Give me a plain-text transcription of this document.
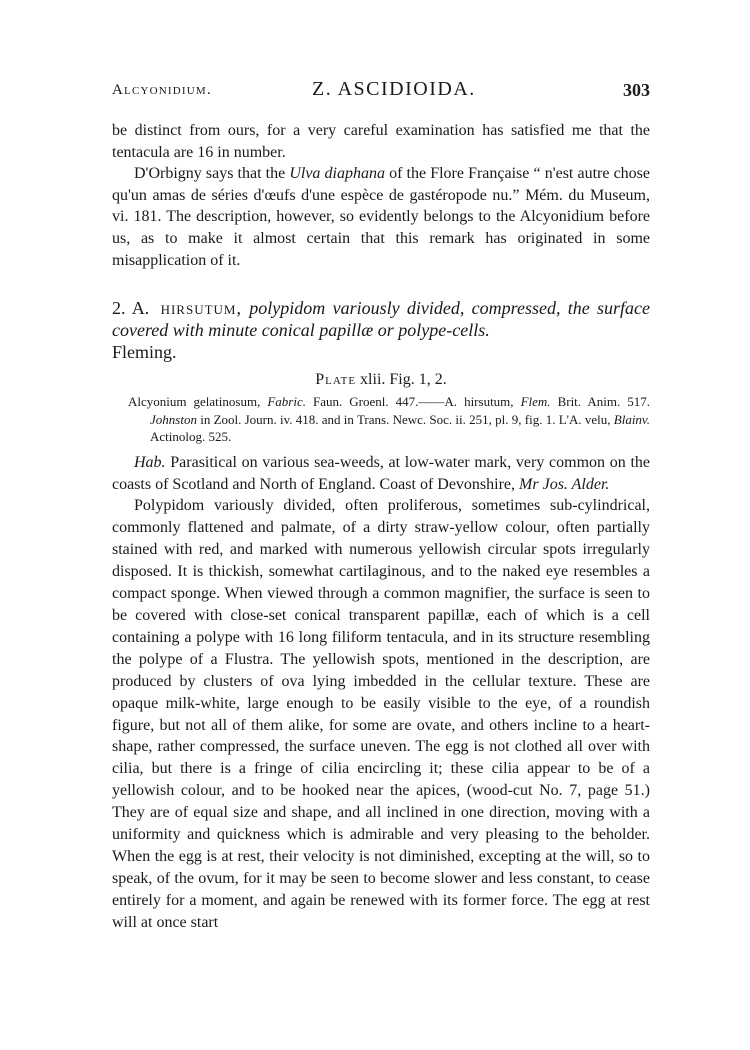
Alcyonidium.	Z. ASCIDIOIDA.	303

be distinct from ours, for a very careful examination has satisfied me that the tentacula are 16 in number.

D'Orbigny says that the Ulva diaphana of the Flore Française “ n'est autre chose qu'un amas de séries d'œufs d'une espèce de gastéropode nu.” Mém. du Museum, vi. 181. The description, however, so evidently belongs to the Alcyonidium before us, as to make it almost certain that this remark has originated in some misapplication of it.

2. A. hirsutum, polypidom variously divided, compressed, the surface covered with minute conical papillæ or polype-cells.
Fleming.

Plate xlii. Fig. 1, 2.
Alcyonium gelatinosum, Fabric. Faun. Groenl. 447.——A. hirsutum, Flem. Brit. Anim. 517. Johnston in Zool. Journ. iv. 418. and in Trans. Newc. Soc. ii. 251, pl. 9, fig. 1. L'A. velu, Blainv. Actinolog. 525.

Hab. Parasitical on various sea-weeds, at low-water mark, very common on the coasts of Scotland and North of England. Coast of Devonshire, Mr Jos. Alder.

Polypidom variously divided, often proliferous, sometimes sub-cylindrical, commonly flattened and palmate, of a dirty straw-yellow colour, often partially stained with red, and marked with numerous yellowish circular spots irregularly disposed. It is thickish, somewhat cartilaginous, and to the naked eye resembles a compact sponge. When viewed through a common magnifier, the surface is seen to be covered with close-set conical transparent papillæ, each of which is a cell containing a polype with 16 long filiform tentacula, and in its structure resembling the polype of a Flustra. The yellowish spots, mentioned in the description, are produced by clusters of ova lying imbedded in the cellular texture. These are opaque milk-white, large enough to be easily visible to the eye, of a roundish figure, but not all of them alike, for some are ovate, and others incline to a heart-shape, rather compressed, the surface uneven. The egg is not clothed all over with cilia, but there is a fringe of cilia encircling it; these cilia appear to be of a yellowish colour, and to be hooked near the apices, (wood-cut No. 7, page 51.) They are of equal size and shape, and all inclined in one direction, moving with a uniformity and quickness which is admirable and very pleasing to the beholder. When the egg is at rest, their velocity is not diminished, excepting at the will, so to speak, of the ovum, for it may be seen to become slower and less constant, to cease entirely for a moment, and again be renewed with its former force. The egg at rest will at once start
